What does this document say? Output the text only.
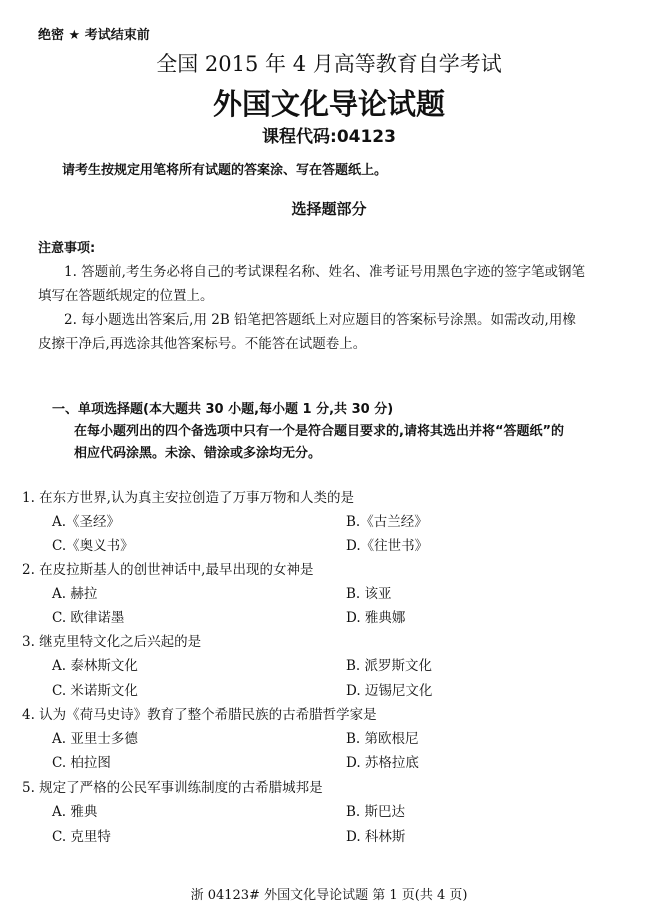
绝密 ★ 考试结束前
全国 2015 年 4 月高等教育自学考试
外国文化导论试题
课程代码:04123
请考生按规定用笔将所有试题的答案涂、写在答题纸上。
选择题部分
注意事项:
1. 答题前,考生务必将自己的考试课程名称、姓名、准考证号用黑色字迹的签字笔或钢笔
填写在答题纸规定的位置上。
2. 每小题选出答案后,用 2B 铅笔把答题纸上对应题目的答案标号涂黑。如需改动,用橡
皮擦干净后,再选涂其他答案标号。不能答在试题卷上。
一、单项选择题(本大题共 30 小题,每小题 1 分,共 30 分)
在每小题列出的四个备选项中只有一个是符合题目要求的,请将其选出并将“答题纸”的
相应代码涂黑。未涂、错涂或多涂均无分。
1. 在东方世界,认为真主安拉创造了万事万物和人类的是
A.《圣经》	B.《古兰经》
C.《奥义书》	D.《往世书》
2. 在皮拉斯基人的创世神话中,最早出现的女神是
A. 赫拉	B. 该亚
C. 欧律诺墨	D. 雅典娜
3. 继克里特文化之后兴起的是
A. 泰林斯文化	B. 派罗斯文化
C. 米诺斯文化	D. 迈锡尼文化
4. 认为《荷马史诗》教育了整个希腊民族的古希腊哲学家是
A. 亚里士多德	B. 第欧根尼
C. 柏拉图	D. 苏格拉底
5. 规定了严格的公民军事训练制度的古希腊城邦是
A. 雅典	B. 斯巴达
C. 克里特	D. 科林斯
浙 04123# 外国文化导论试题 第 1 页(共 4 页)
